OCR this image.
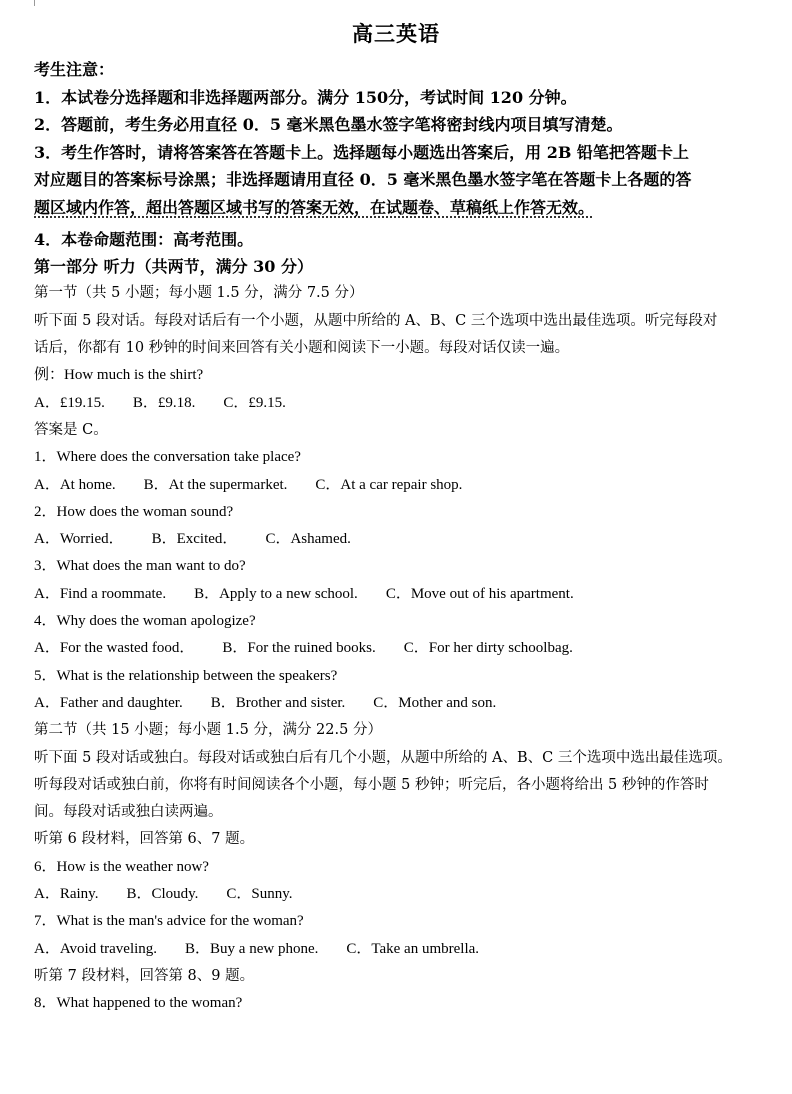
高三英语
考生注意：
1．本试卷分选择题和非选择题两部分。满分 150分，考试时间 120 分钟。
2．答题前，考生务必用直径 0．5 毫米黑色墨水签字笔将密封线内项目填写清楚。
3．考生作答时，请将答案答在答题卡上。选择题每小题选出答案后，用 2B 铅笔把答题卡上
对应题目的答案标号涂黑；非选择题请用直径 0．5 毫米黑色墨水签字笔在答题卡上各题的答
题区域内作答，超出答题区域书写的答案无效，在试题卷、草稿纸上作答无效。
4．本卷命题范围：高考范围。
第一部分 听力（共两节，满分 30 分）
第一节（共 5 小题；每小题 1.5 分，满分 7.5 分）
听下面 5 段对话。每段对话后有一个小题，从题中所给的 A、B、C 三个选项中选出最佳选项。听完每段对
话后，你都有 10 秒钟的时间来回答有关小题和阅读下一小题。每段对话仅读一遍。
例：How much is the shirt?
A．£19.15. B．£9.18. C．£9.15.
答案是 C。
1．Where does the conversation take place?
A．At home. B．At the supermarket. C．At a car repair shop.
2．How does the woman sound?
A．Worried． B．Excited． C．Ashamed.
3．What does the man want to do?
A．Find a roommate. B．Apply to a new school. C．Move out of his apartment.
4．Why does the woman apologize?
A．For the wasted food． B．For the ruined books. C．For her dirty schoolbag.
5．What is the relationship between the speakers?
A．Father and daughter. B．Brother and sister. C．Mother and son.
第二节（共 15 小题；每小题 1.5 分，满分 22.5 分）
听下面 5 段对话或独白。每段对话或独白后有几个小题，从题中所给的 A、B、C 三个选项中选出最佳选项。
听每段对话或独白前，你将有时间阅读各个小题，每小题 5 秒钟；听完后，各小题将给出 5 秒钟的作答时
间。每段对话或独白读两遍。
听第 6 段材料，回答第 6、7 题。
6．How is the weather now?
A．Rainy. B．Cloudy. C．Sunny.
7．What is the man's advice for the woman?
A．Avoid traveling. B．Buy a new phone. C．Take an umbrella.
听第 7 段材料，回答第 8、9 题。
8．What happened to the woman?
